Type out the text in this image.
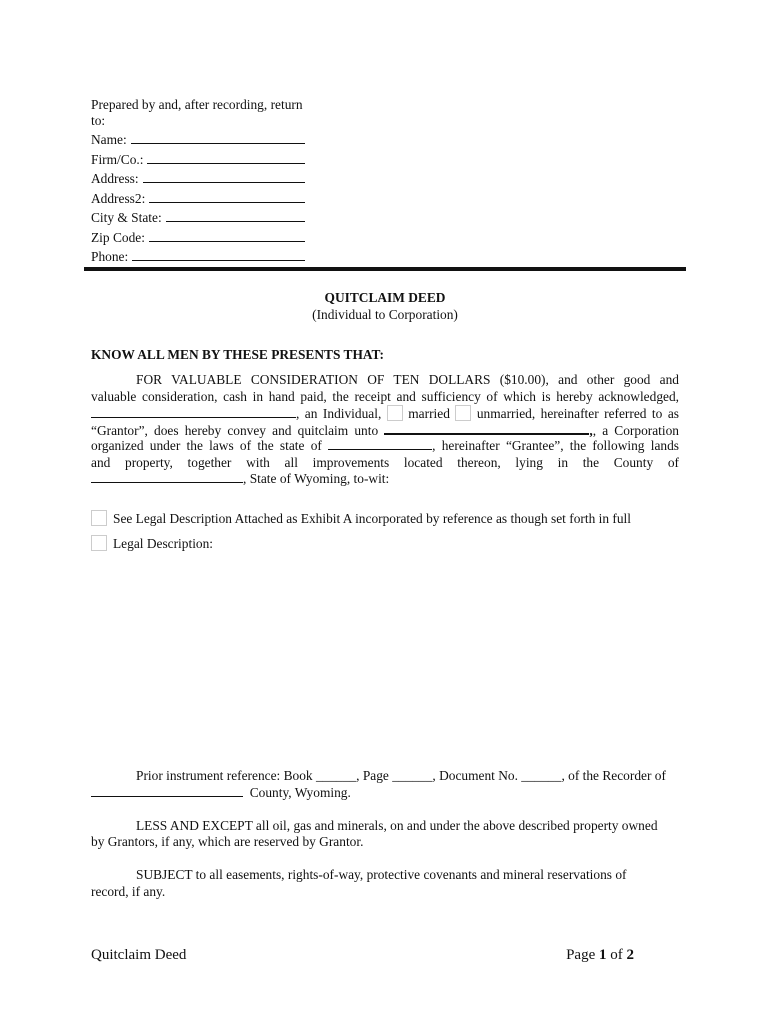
Prepared by and, after recording, return
to:
Name:
Firm/Co.:
Address:
Address2:
City & State:
Zip Code:
Phone:
QUITCLAIM DEED
(Individual to Corporation)
KNOW ALL MEN BY THESE PRESENTS THAT:
FOR VALUABLE CONSIDERATION OF TEN DOLLARS ($10.00), and other good and
valuable consideration, cash in hand paid, the receipt and sufficiency of which is hereby acknowledged,
, an Individual, married unmarried, hereinafter referred to as
“Grantor”, does hereby convey and quitclaim unto	,, a Corporation
organized under the laws of the state of	, hereinafter “Grantee”, the following lands
and property, together with all improvements located thereon, lying in the County of
, State of Wyoming, to-wit:
See Legal Description Attached as Exhibit A incorporated by reference as though set forth in full
Legal Description:
Prior instrument reference: Book ______, Page ______, Document No. ______, of the Recorder of
County, Wyoming.
LESS AND EXCEPT all oil, gas and minerals, on and under the above described property owned
by Grantors, if any, which are reserved by Grantor.
SUBJECT to all easements, rights-of-way, protective covenants and mineral reservations of
record, if any.
Quitclaim Deed	Page 1 of 2
